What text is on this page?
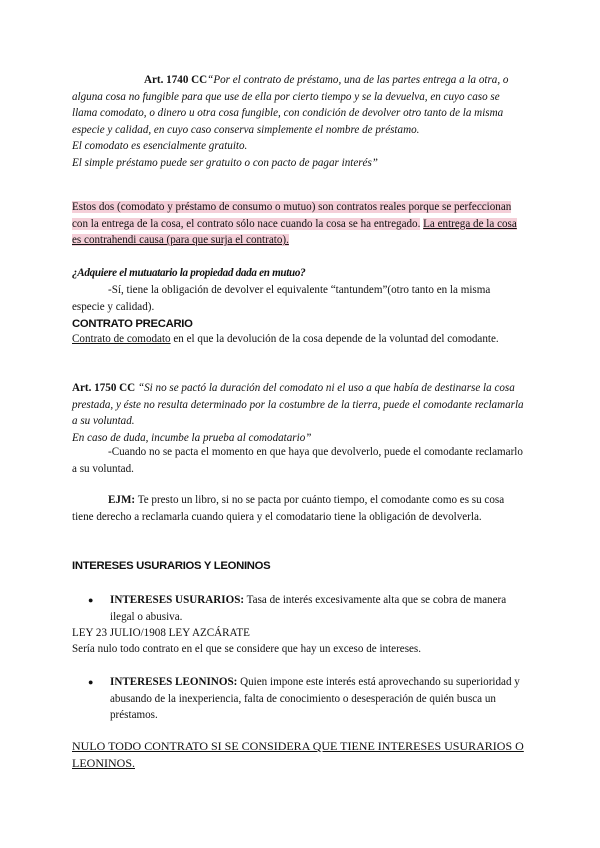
Art. 1740 CC“Por el contrato de préstamo, una de las partes entrega a la otra, o alguna cosa no fungible para que use de ella por cierto tiempo y se la devuelva, en cuyo caso se llama comodato, o dinero u otra cosa fungible, con condición de devolver otro tanto de la misma especie y calidad, en cuyo caso conserva simplemente el nombre de préstamo.
El comodato es esencialmente gratuito.
El simple préstamo puede ser gratuito o con pacto de pagar interés”

Estos dos (comodato y préstamo de consumo o mutuo) son contratos reales porque se perfeccionan con la entrega de la cosa, el contrato sólo nace cuando la cosa se ha entregado. La entrega de la cosa es contrahendi causa (para que surja el contrato).

¿Adquiere el mutuatario la propiedad dada en mutuo?

-Sí, tiene la obligación de devolver el equivalente “tantundem”(otro tanto en la misma especie y calidad).

CONTRATO PRECARIO

Contrato de comodato en el que la devolución de la cosa depende de la voluntad del comodante.

Art. 1750 CC “Si no se pactó la duración del comodato ni el uso a que había de destinarse la cosa prestada, y éste no resulta determinado por la costumbre de la tierra, puede el comodante reclamarla a su voluntad.
En caso de duda, incumbe la prueba al comodatario”

-Cuando no se pacta el momento en que haya que devolverlo, puede el comodante reclamarlo a su voluntad.

EJM: Te presto un libro, si no se pacta por cuánto tiempo, el comodante como es su cosa tiene derecho a reclamarla cuando quiera y el comodatario tiene la obligación de devolverla.

INTERESES USURARIOS Y LEONINOS

●	INTERESES USURARIOS: Tasa de interés excesivamente alta que se cobra de manera ilegal o abusiva.

LEY 23 JULIO/1908 LEY AZCÁRATE

Sería nulo todo contrato en el que se considere que hay un exceso de intereses.

●	INTERESES LEONINOS: Quien impone este interés está aprovechando su superioridad y abusando de la inexperiencia, falta de conocimiento o desesperación de quién busca un préstamos.

NULO TODO CONTRATO SI SE CONSIDERA QUE TIENE INTERESES USURARIOS O LEONINOS.
